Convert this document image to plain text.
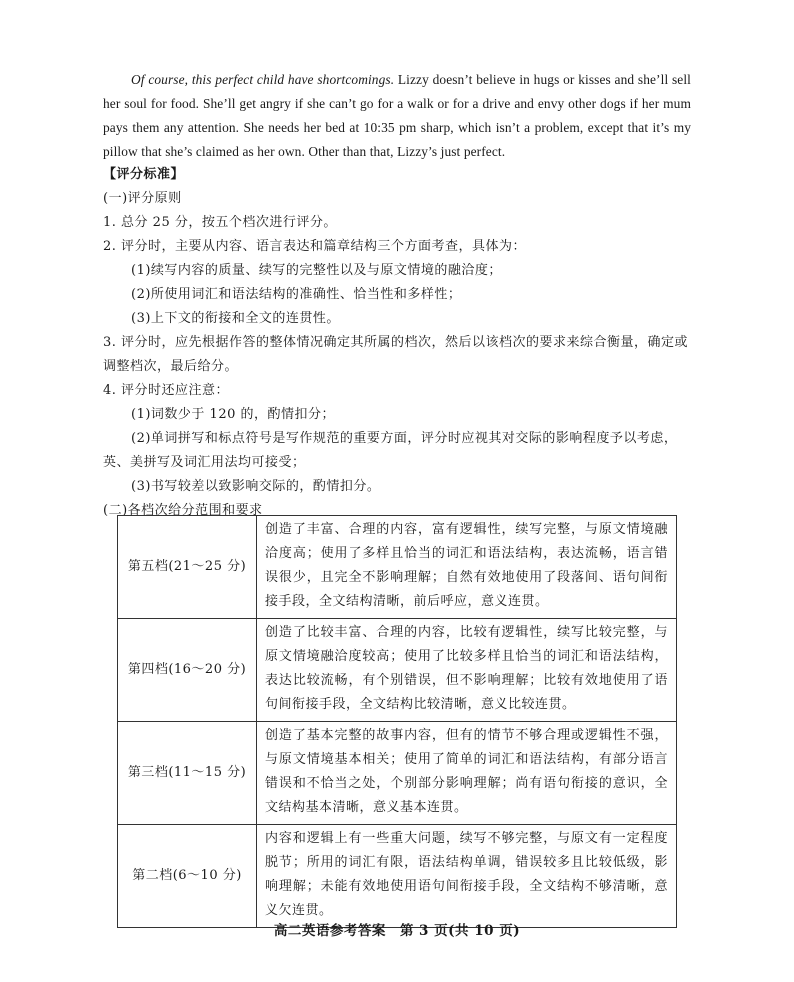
Of course, this perfect child have shortcomings. Lizzy doesn’t believe in hugs or kisses and she’ll sell her soul for food. She’ll get angry if she can’t go for a walk or for a drive and envy other dogs if her mum pays them any attention. She needs her bed at 10:35 pm sharp, which isn’t a problem, except that it’s my pillow that she’s claimed as her own. Other than that, Lizzy’s just perfect.
【评分标准】
(一)评分原则
1. 总分 25 分，按五个档次进行评分。
2. 评分时，主要从内容、语言表达和篇章结构三个方面考查，具体为：
(1)续写内容的质量、续写的完整性以及与原文情境的融洽度；
(2)所使用词汇和语法结构的准确性、恰当性和多样性；
(3)上下文的衔接和全文的连贯性。
3. 评分时，应先根据作答的整体情况确定其所属的档次，然后以该档次的要求来综合衡量，确定或
调整档次，最后给分。
4. 评分时还应注意：
(1)词数少于 120 的，酌情扣分；
(2)单词拼写和标点符号是写作规范的重要方面，评分时应视其对交际的影响程度予以考虑，
英、美拼写及词汇用法均可接受；
(3)书写较差以致影响交际的，酌情扣分。
(二)各档次给分范围和要求
第五档(21～25 分)	创造了丰富、合理的内容，富有逻辑性，续写完整，与原文情境融洽度高；使用了多样且恰当的词汇和语法结构，表达流畅，语言错误很少，且完全不影响理解；自然有效地使用了段落间、语句间衔接手段，全文结构清晰，前后呼应，意义连贯。
第四档(16～20 分)	创造了比较丰富、合理的内容，比较有逻辑性，续写比较完整，与原文情境融洽度较高；使用了比较多样且恰当的词汇和语法结构，表达比较流畅，有个别错误，但不影响理解；比较有效地使用了语句间衔接手段，全文结构比较清晰，意义比较连贯。
第三档(11～15 分)	创造了基本完整的故事内容，但有的情节不够合理或逻辑性不强，与原文情境基本相关；使用了简单的词汇和语法结构，有部分语言错误和不恰当之处，个别部分影响理解；尚有语句衔接的意识，全文结构基本清晰，意义基本连贯。
第二档(6～10 分)	内容和逻辑上有一些重大问题，续写不够完整，与原文有一定程度脱节；所用的词汇有限，语法结构单调，错误较多且比较低级，影响理解；未能有效地使用语句间衔接手段，全文结构不够清晰，意义欠连贯。
高二英语参考答案　第 3 页(共 10 页)
